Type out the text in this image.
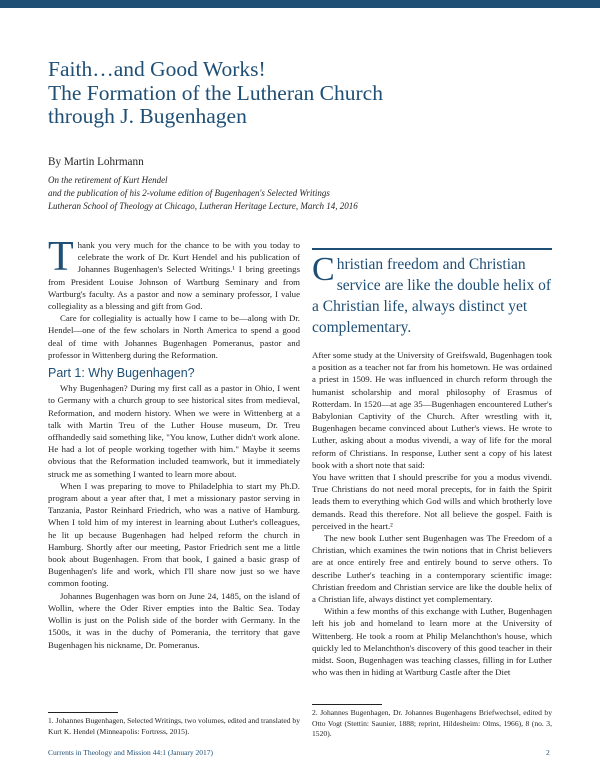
Faith…and Good Works!
The Formation of the Lutheran Church
through J. Bugenhagen
By Martin Lohrmann
On the retirement of Kurt Hendel
and the publication of his 2-volume edition of Bugenhagen's Selected Writings
Lutheran School of Theology at Chicago, Lutheran Heritage Lecture, March 14, 2016

Thank you very much for the chance to be with you today to celebrate the work of Dr. Kurt Hendel and his publication of Johannes Bugenhagen's Selected Writings.¹ I bring greetings from President Louise Johnson of Wartburg Seminary and from Wartburg's faculty. As a pastor and now a seminary professor, I value collegiality as a blessing and gift from God.

Care for collegiality is actually how I came to be—along with Dr. Hendel—one of the few scholars in North America to spend a good deal of time with Johannes Bugenhagen Pomeranus, pastor and professor in Wittenberg during the Reformation.

Part 1: Why Bugenhagen?

Why Bugenhagen? During my first call as a pastor in Ohio, I went to Germany with a church group to see historical sites from medieval, Reformation, and modern history. When we were in Wittenberg at a talk with Martin Treu of the Luther House museum, Dr. Treu offhandedly said something like, "You know, Luther didn't work alone. He had a lot of people working together with him." Maybe it seems obvious that the Reformation included teamwork, but it immediately struck me as something I wanted to learn more about.

When I was preparing to move to Philadelphia to start my Ph.D. program about a year after that, I met a missionary pastor serving in Tanzania, Pastor Reinhard Friedrich, who was a native of Hamburg. When I told him of my interest in learning about Luther's colleagues, he lit up because Bugenhagen had helped reform the church in Hamburg. Shortly after our meeting, Pastor Friedrich sent me a little book about Bugenhagen. From that book, I gained a basic grasp of Bugenhagen's life and work, which I'll share now just so we have common footing.

Johannes Bugenhagen was born on June 24, 1485, on the island of Wollin, where the Oder River empties into the Baltic Sea. Today Wollin is just on the Polish side of the border with Germany. In the 1500s, it was in the duchy of Pomerania, the territory that gave Bugenhagen his nickname, Dr. Pomeranus.

Christian freedom and Christian service are like the double helix of a Christian life, always distinct yet complementary.

After some study at the University of Greifswald, Bugenhagen took a position as a teacher not far from his hometown. He was ordained a priest in 1509. He was influenced in church reform through the humanist scholarship and moral philosophy of Erasmus of Rotterdam. In 1520—at age 35—Bugenhagen encountered Luther's Babylonian Captivity of the Church. After wrestling with it, Bugenhagen became convinced about Luther's views. He wrote to Luther, asking about a modus vivendi, a way of life for the moral reform of Christians. In response, Luther sent a copy of his latest book with a short note that said:

You have written that I should prescribe for you a modus vivendi. True Christians do not need moral precepts, for in faith the Spirit leads them to everything which God wills and which brotherly love demands. Read this therefore. Not all believe the gospel. Faith is perceived in the heart.²

The new book Luther sent Bugenhagen was The Freedom of a Christian, which examines the twin notions that in Christ believers are at once entirely free and entirely bound to serve others. To describe Luther's teaching in a contemporary scientific image: Christian freedom and Christian service are like the double helix of a Christian life, always distinct yet complementary.

Within a few months of this exchange with Luther, Bugenhagen left his job and homeland to learn more at the University of Wittenberg. He took a room at Philip Melanchthon's house, which quickly led to Melanchthon's discovery of this good teacher in their midst. Soon, Bugenhagen was teaching classes, filling in for Luther who was then in hiding at Wartburg Castle after the Diet

1. Johannes Bugenhagen, Selected Writings, two volumes, edited and translated by Kurt K. Hendel (Minneapolis: Fortress, 2015).
2. Johannes Bugenhagen, Dr. Johannes Bugenhagens Briefwechsel, edited by Otto Vogt (Stettin: Saunier, 1888; reprint, Hildesheim: Olms, 1966), 8 (no. 3, 1520).
Currents in Theology and Mission 44:1 (January 2017)	2
